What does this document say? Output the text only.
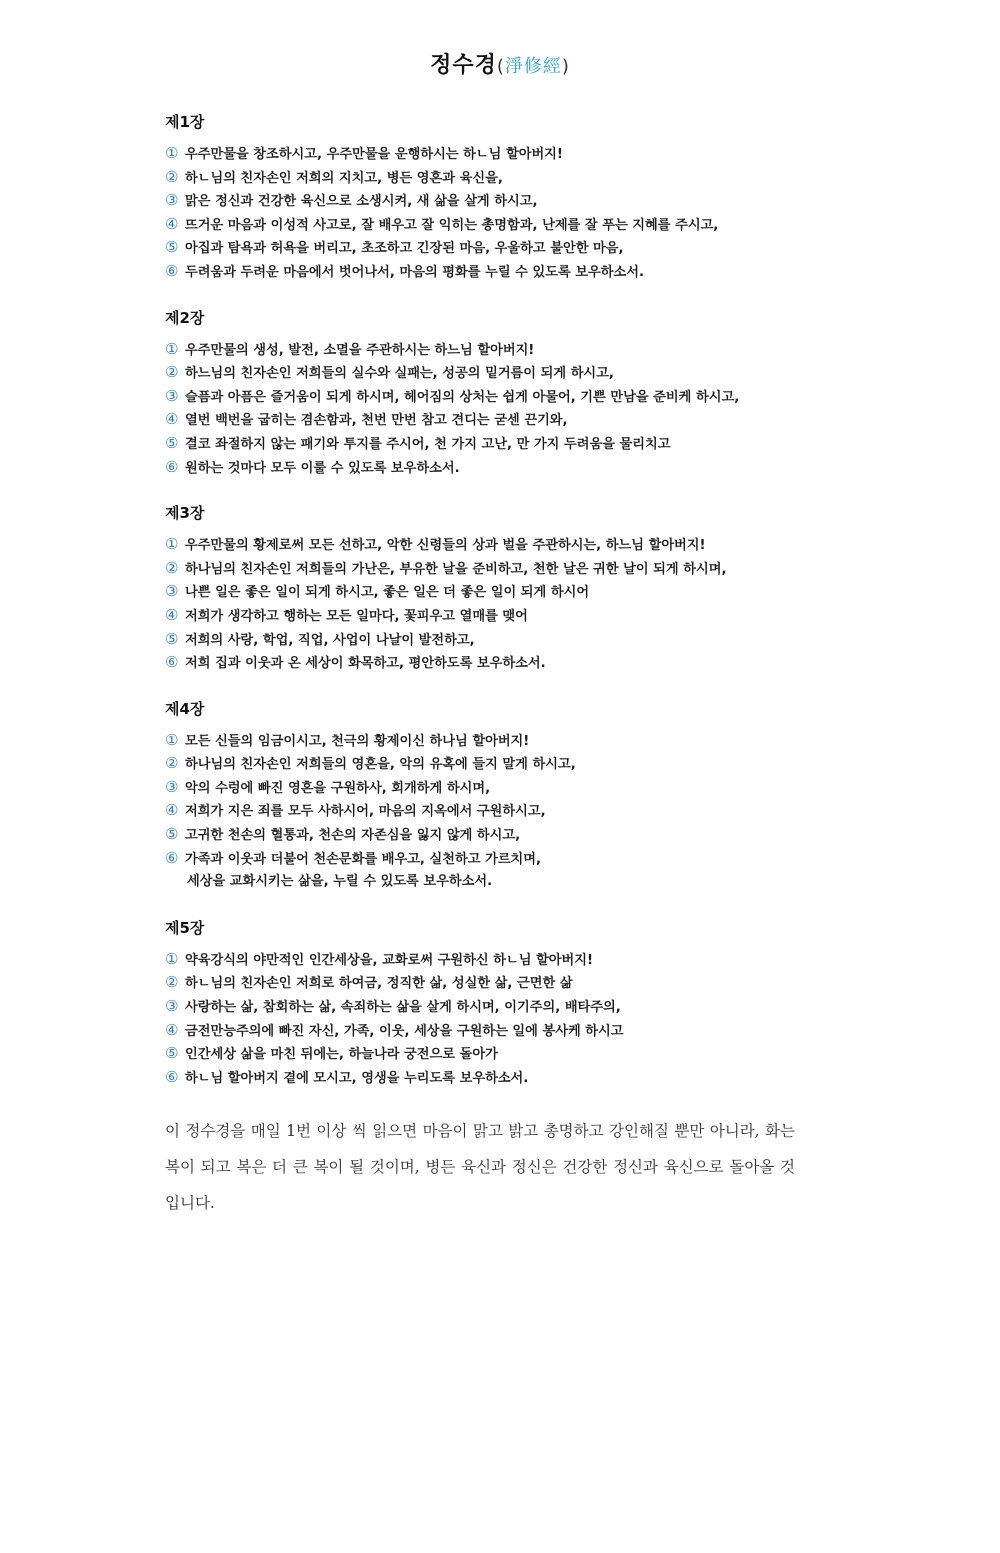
정수경(淨修經)
제1장
① 우주만물을 창조하시고, 우주만물을 운행하시는 하ㄴ님 할아버지!
② 하ㄴ님의 친자손인 저희의 지치고, 병든 영혼과 육신을,
③ 맑은 정신과 건강한 육신으로 소생시켜, 새 삶을 살게 하시고,
④ 뜨거운 마음과 이성적 사고로, 잘 배우고 잘 익히는 총명함과, 난제를 잘 푸는 지혜를 주시고,
⑤ 아집과 탐욕과 허욕을 버리고, 초조하고 긴장된 마음, 우울하고 불안한 마음,
⑥ 두려움과 두려운 마음에서 벗어나서, 마음의 평화를 누릴 수 있도록 보우하소서.
제2장
① 우주만물의 생성, 발전, 소멸을 주관하시는 하느님 할아버지!
② 하느님의 친자손인 저희들의 실수와 실패는, 성공의 밑거름이 되게 하시고,
③ 슬픔과 아픔은 즐거움이 되게 하시며, 헤어짐의 상처는 쉽게 아물어, 기쁜 만남을 준비케 하시고,
④ 열번 백번을 굽히는 겸손함과, 천번 만번 참고 견디는 굳센 끈기와,
⑤ 결코 좌절하지 않는 패기와 투지를 주시어, 천 가지 고난, 만 가지 두려움을 물리치고
⑥ 원하는 것마다 모두 이룰 수 있도록 보우하소서.
제3장
① 우주만물의 황제로써 모든 선하고, 악한 신령들의 상과 벌을 주관하시는, 하느님 할아버지!
② 하나님의 친자손인 저희들의 가난은, 부유한 날을 준비하고, 천한 날은 귀한 날이 되게 하시며,
③ 나쁜 일은 좋은 일이 되게 하시고, 좋은 일은 더 좋은 일이 되게 하시어
④ 저희가 생각하고 행하는 모든 일마다, 꽃피우고 열매를 맺어
⑤ 저희의 사랑, 학업, 직업, 사업이 나날이 발전하고,
⑥ 저희 집과 이웃과 온 세상이 화목하고, 평안하도록 보우하소서.
제4장
① 모든 신들의 임금이시고, 천극의 황제이신 하나님 할아버지!
② 하나님의 친자손인 저희들의 영혼을, 악의 유혹에 들지 말게 하시고,
③ 악의 수렁에 빠진 영혼을 구원하사, 회개하게 하시며,
④ 저희가 지은 죄를 모두 사하시어, 마음의 지옥에서 구원하시고,
⑤ 고귀한 천손의 혈통과, 천손의 자존심을 잃지 않게 하시고,
⑥ 가족과 이웃과 더불어 천손문화를 배우고, 실천하고 가르치며,
세상을 교화시키는 삶을, 누릴 수 있도록 보우하소서.
제5장
① 약육강식의 야만적인 인간세상을, 교화로써 구원하신 하ㄴ님 할아버지!
② 하ㄴ님의 친자손인 저희로 하여금, 정직한 삶, 성실한 삶, 근면한 삶
③ 사랑하는 삶, 참회하는 삶, 속죄하는 삶을 살게 하시며, 이기주의, 배타주의,
④ 금전만능주의에 빠진 자신, 가족, 이웃, 세상을 구원하는 일에 봉사케 하시고
⑤ 인간세상 삶을 마친 뒤에는, 하늘나라 궁전으로 돌아가
⑥ 하ㄴ님 할아버지 곁에 모시고, 영생을 누리도록 보우하소서.
이 정수경을 매일 1번 이상 씩 읽으면 마음이 맑고 밝고 총명하고 강인해질 뿐만 아니라, 화는 복이 되고 복은 더 큰 복이 될 것이며, 병든 육신과 정신은 건강한 정신과 육신으로 돌아올 것입니다.
